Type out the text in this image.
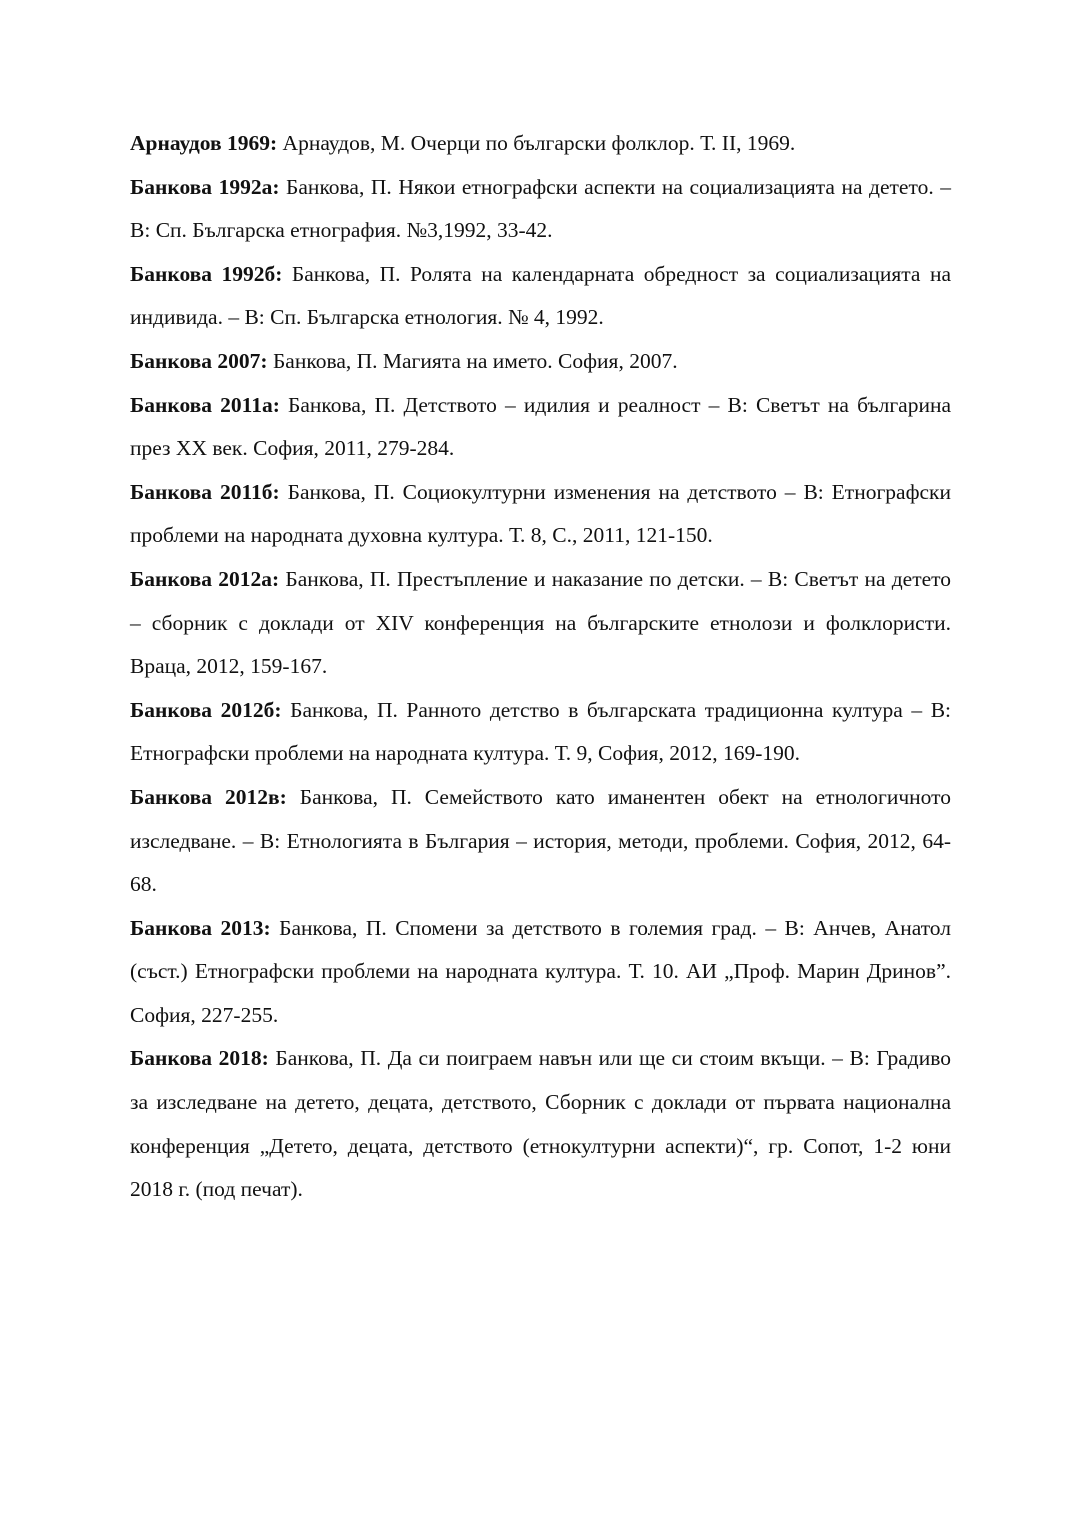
Арнаудов 1969: Арнаудов, М. Очерци по български фолклор. Т. II, 1969.

Банкова 1992а: Банкова, П. Някои етнографски аспекти на социализацията на детето. – В: Сп. Българска етнография. №3,1992, 33-42.

Банкова 1992б: Банкова, П. Ролята на календарната обредност за социализацията на индивида. – В: Сп. Българска етнология. № 4, 1992.

Банкова 2007: Банкова, П. Магията на името. София, 2007.

Банкова 2011а: Банкова, П. Детството – идилия и реалност – В: Светът на българина през ХХ век. София, 2011, 279-284.

Банкова 2011б: Банкова, П. Социокултурни изменения на детството – В: Етнографски проблеми на народната духовна култура. Т. 8, С., 2011, 121-150.

Банкова 2012а: Банкова, П. Престъпление и наказание по детски. – В: Светът на детето – сборник с доклади от XIV конференция на българските етнолози и фолклористи. Враца, 2012, 159-167.

Банкова 2012б: Банкова, П. Ранното детство в българската традиционна култура – В: Етнографски проблеми на народната култура. Т. 9, София, 2012, 169-190.

Банкова 2012в: Банкова, П. Семейството като иманентен обект на етнологичното изследване. – В: Етнологията в България – история, методи, проблеми. София, 2012, 64-68.

Банкова 2013: Банкова, П. Спомени за детството в големия град. – В: Анчев, Анатол (съст.) Етнографски проблеми на народната култура. Т. 10. АИ „Проф. Марин Дринов”. София, 227-255.

Банкова 2018: Банкова, П. Да си поиграем навън или ще си стоим вкъщи. – В: Градиво за изследване на детето, децата, детството, Сборник с доклади от първата национална конференция „Детето, децата, детството (етнокултурни аспекти)“, гр. Сопот, 1-2 юни 2018 г. (под печат).
